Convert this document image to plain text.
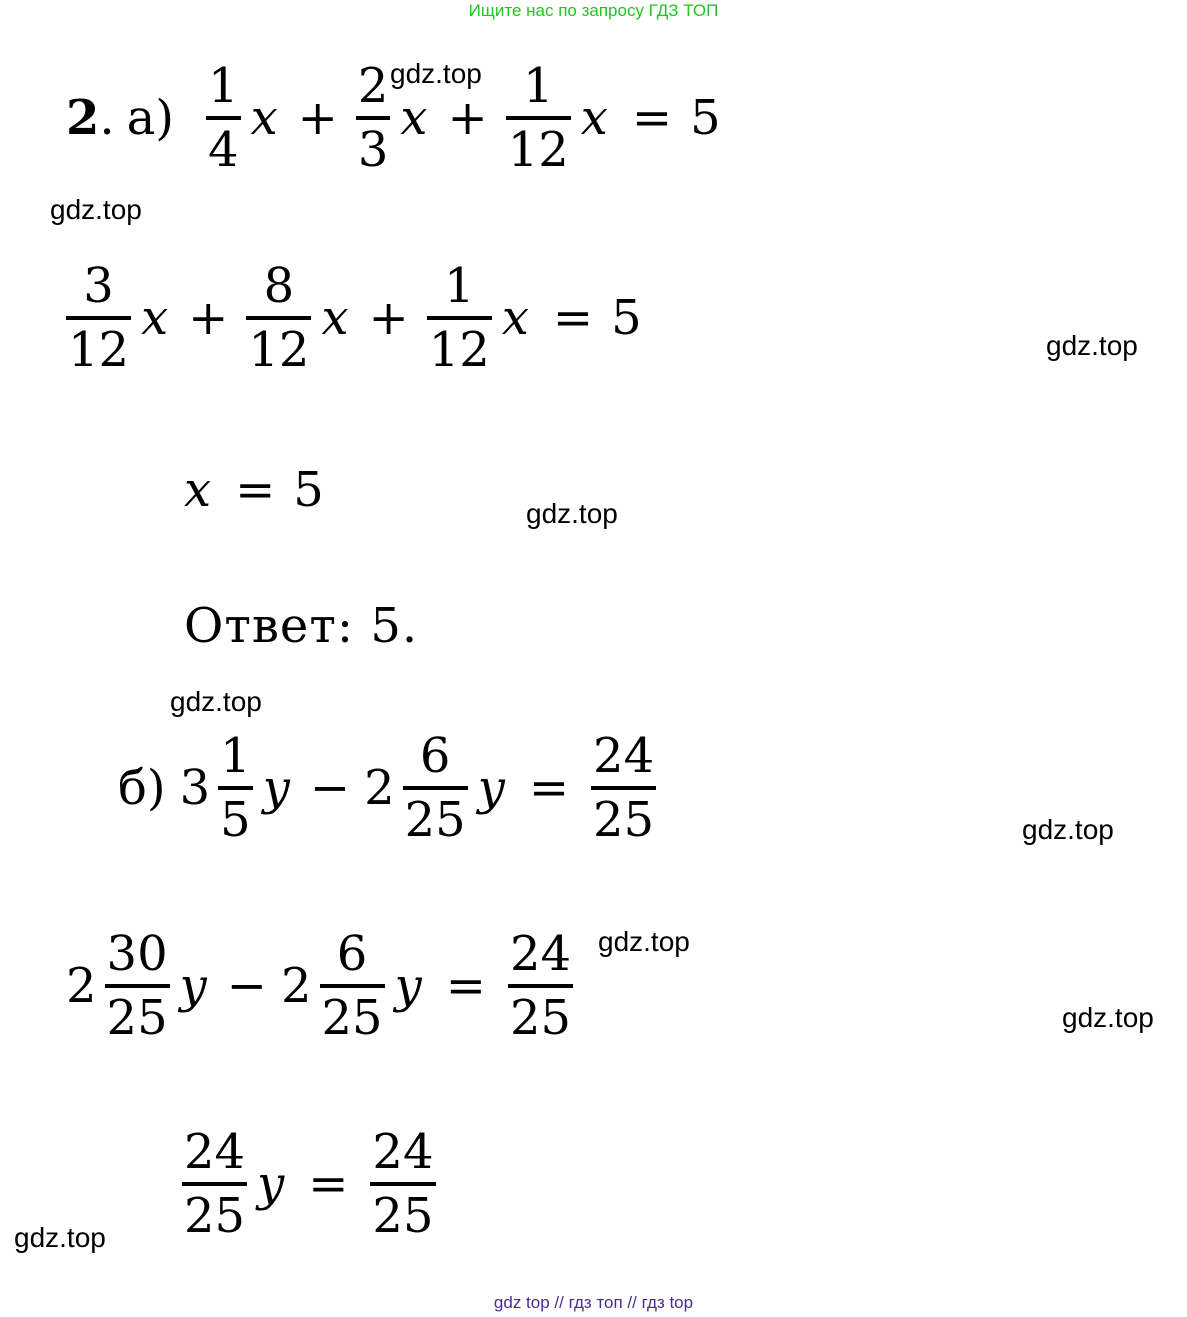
Ищите нас по запросу ГДЗ ТОП
gdz top // гдз топ // гдз top
gdz.top
gdz.top
gdz.top
gdz.top
gdz.top
gdz.top
gdz.top
gdz.top
gdz.top
2 . $а) \frac{1}{4}$ $x + \frac{2}{3}$ $x + \frac{1}{12}$ x = 5
$\frac{3}{12}$ $x + \frac{8}{12}$ $x + \frac{1}{12}$ x = 5
x = 5
Ответ: 5.
б) $3 \frac{1}{5}$ $y - 2 \frac{6}{25}$ $y = \frac{24}{25}$
$2 \frac{30}{25}$ $y - 2 \frac{6}{25}$ $y = \frac{24}{25}$
$\frac{24}{25}$ $y = \frac{24}{25}$
